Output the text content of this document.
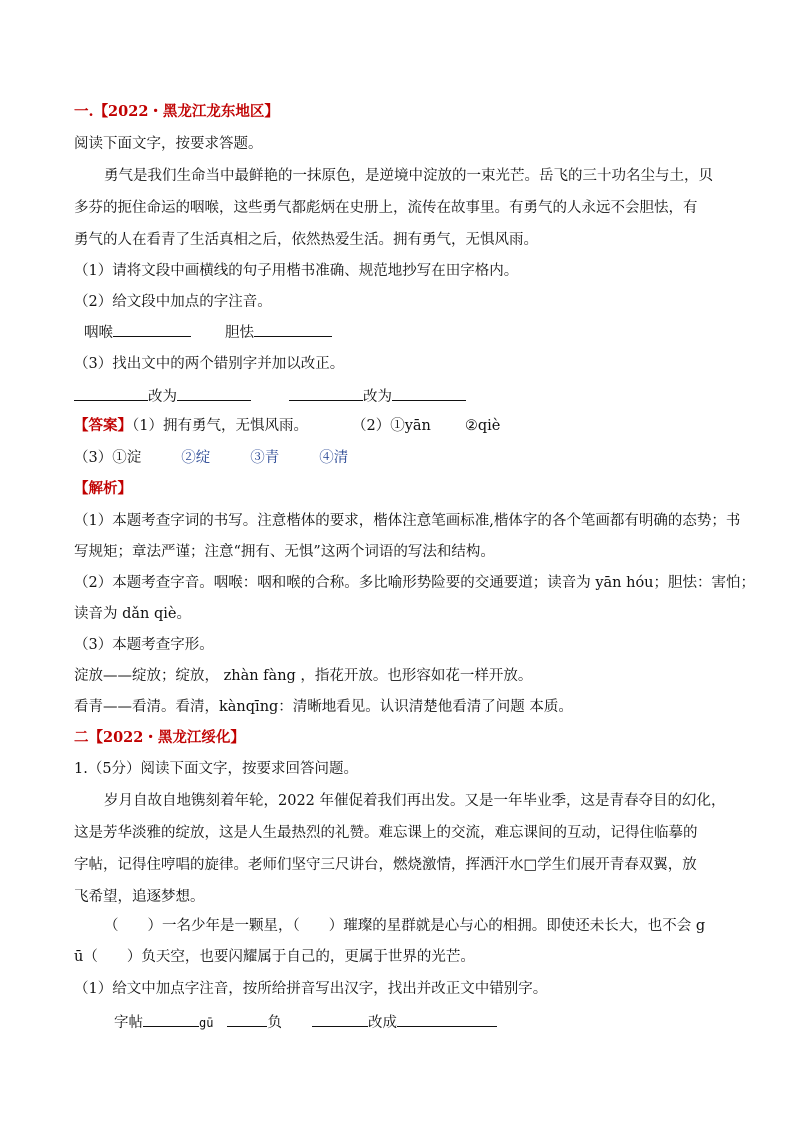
一.【2022・黑龙江龙东地区】
阅读下面文字，按要求答题。
勇气是我们生命当中最鲜艳的一抹原色，是逆境中淀放的一束光芒。岳飞的三十功名尘与土，贝
多芬的扼住命运的咽喉，这些勇气都彪炳在史册上，流传在故事里。有勇气的人永远不会胆怯，有
勇气的人在看青了生活真相之后，依然热爱生活。拥有勇气，无惧风雨。
（1）请将文段中画横线的句子用楷书准确、规范地抄写在田字格内。
（2）给文段中加点的字注音。
咽喉	胆怯
（3）找出文中的两个错别字并加以改正。
改为	改为
【答案】（1）拥有勇气，无惧风雨。	（2）①yān ②qiè
（3）①淀	②绽	③青	④清
【解析】
（1）本题考查字词的书写。注意楷体的要求，楷体注意笔画标准,楷体字的各个笔画都有明确的态势；书
写规矩；章法严谨；注意“拥有、无惧”这两个词语的写法和结构。
（2）本题考查字音。咽喉：咽和喉的合称。多比喻形势险要的交通要道；读音为 yān hóu；胆怯：害怕；
读音为 dǎn qiè。
（3）本题考查字形。
淀放——绽放；绽放， zhàn fàng ，指花开放。也形容如花一样开放。
看青——看清。看清，kànqīng：清晰地看见。认识清楚他看清了问题 本质。
二【2022・黑龙江绥化】
1.（5分）阅读下面文字，按要求回答问题。
岁月自故自地镌刻着年轮，2022 年催促着我们再出发。又是一年毕业季，这是青春夺目的幻化，
这是芳华淡雅的绽放，这是人生最热烈的礼赞。难忘课上的交流，难忘课间的互动，记得住临摹的
字帖，记得住哼唱的旋律。老师们坚守三尺讲台，燃烧激情，挥洒汗水□学生们展开青春双翼，放
飞希望，追逐梦想。
（　　）一名少年是一颗星，（　　）璀璨的星群就是心与心的相拥。即使还未长大，也不会 g
ū（　　）负天空，也要闪耀属于自己的，更属于世界的光芒。
（1）给文中加点字注音，按所给拼音写出汉字，找出并改正文中错别字。
字帖	gū	负	改成
